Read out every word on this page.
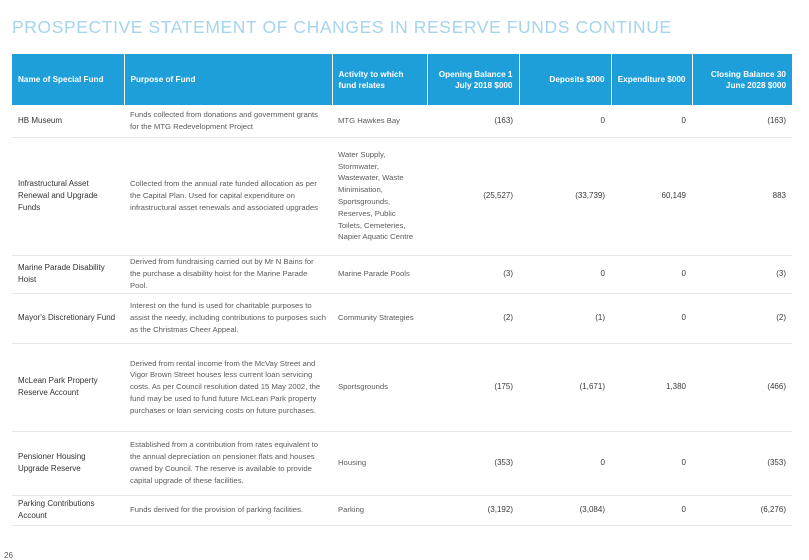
PROSPECTIVE STATEMENT OF CHANGES IN RESERVE FUNDS CONTINUE
Name of Special Fund	Purpose of Fund	Activity to which fund relates	Opening Balance 1 July 2018 $000	Deposits $000	Expenditure $000	Closing Balance 30 June 2028 $000
HB Museum	Funds collected from donations and government grants for the MTG Redevelopment Project	MTG Hawkes Bay	(163)	0	0	(163)
Infrastructural Asset Renewal and Upgrade Funds	Collected from the annual rate funded allocation as per the Capital Plan. Used for capital expenditure on infrastructural asset renewals and associated upgrades	Water Supply, Stormwater, Wastewater, Waste Minimisation, Sportsgrounds, Reserves, Public Toilets, Cemeteries, Napier Aquatic Centre	(25,527)	(33,739)	60,149	883
Marine Parade Disability Hoist	Derived from fundraising carried out by Mr N Bains for the purchase a disability hoist for the Marine Parade Pool.	Marine Parade Pools	(3)	0	0	(3)
Mayor's Discretionary Fund	Interest on the fund is used for charitable purposes to assist the needy, including contributions to purposes such as the Christmas Cheer Appeal.	Community Strategies	(2)	(1)	0	(2)
McLean Park Property Reserve Account	Derived from rental income from the McVay Street and Vigor Brown Street houses less current loan servicing costs. As per Council resolution dated 15 May 2002, the fund may be used to fund future McLean Park property purchases or loan servicing costs on future purchases.	Sportsgrounds	(175)	(1,671)	1,380	(466)
Pensioner Housing Upgrade Reserve	Established from a contribution from rates equivalent to the annual depreciation on pensioner flats and houses owned by Council. The reserve is available to provide capital upgrade of these facilities.	Housing	(353)	0	0	(353)
Parking Contributions Account	Funds derived for the provision of parking facilities.	Parking	(3,192)	(3,084)	0	(6,276)
26
